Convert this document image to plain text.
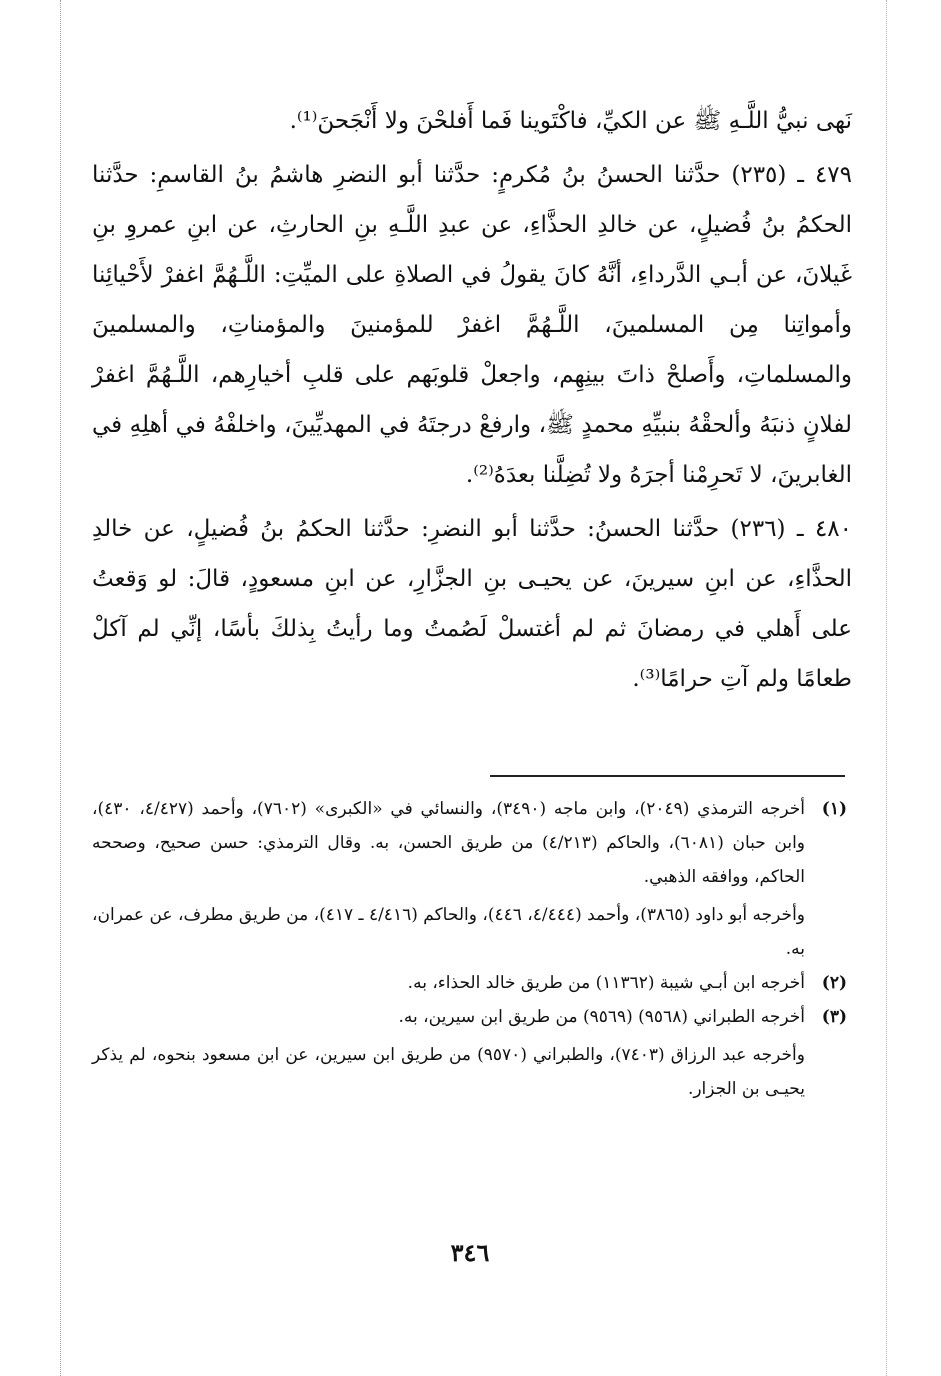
نَهى نبيُّ اللَّـهِ ﷺ عن الكيِّ، فاكْتَوينا فَما أَفلحْنَ ولا أَنْجَحنَ⁽¹⁾.

٤٧٩ ـ (٢٣٥) حدَّثنا الحسنُ بنُ مُكرمٍ: حدَّثنا أبو النضرِ هاشمُ بنُ القاسمِ: حدَّثنا الحكمُ بنُ فُضيلٍ، عن خالدِ الحذَّاءِ، عن عبدِ اللَّـهِ بنِ الحارثِ، عن ابنِ عمروِ بنِ غَيلانَ، عن أبـي الدَّرداءِ، أنَّهُ كانَ يقولُ في الصلاةِ على الميِّتِ: اللَّـهُمَّ اغفرْ لأَحْيائِنا وأمواتِنا مِن المسلمينَ، اللَّـهُمَّ اغفرْ للمؤمنينَ والمؤمناتِ، والمسلمينَ والمسلماتِ، وأَصلحْ ذاتَ بينِهِم، واجعلْ قلوبَهم على قلبِ أخيارِهم، اللَّـهُمَّ اغفرْ لفلانٍ ذنبَهُ وألحقْهُ بنبيِّهِ محمدٍ ﷺ، وارفعْ درجتَهُ في المهديِّينَ، واخلفْهُ في أهلِهِ في الغابرينَ، لا تَحرِمْنا أجرَهُ ولا تُضِلَّنا بعدَهُ⁽²⁾.

٤٨٠ ـ (٢٣٦) حدَّثنا الحسنُ: حدَّثنا أبو النضرِ: حدَّثنا الحكمُ بنُ فُضيلٍ، عن خالدِ الحذَّاءِ، عن ابنِ سيرينَ، عن يحيـى بنِ الجزَّارِ، عن ابنِ مسعودٍ، قالَ: لو وَقعتُ على أَهلي في رمضانَ ثم لم أغتسلْ لَصُمتُ وما رأيتُ بِذلكَ بأسًا، إنِّي لم آكلْ طعامًا ولم آتِ حرامًا⁽³⁾.

(١)
أخرجه الترمذي (٢٠٤٩)، وابن ماجه (٣٤٩٠)، والنسائي في «الكبرى» (٧٦٠٢)، وأحمد (٤/٤٢٧، ٤٣٠)، وابن حبان (٦٠٨١)، والحاكم (٤/٢١٣) من طريق الحسن، به. وقال الترمذي: حسن صحيح، وصححه الحاكم، ووافقه الذهبي.
وأخرجه أبو داود (٣٨٦٥)، وأحمد (٤/٤٤٤، ٤٤٦)، والحاكم (٤/٤١٦ ـ ٤١٧)، من طريق مطرف، عن عمران، به.
(٢)
أخرجه ابن أبـي شيبة (١١٣٦٢) من طريق خالد الحذاء، به.
(٣)
أخرجه الطبراني (٩٥٦٨) (٩٥٦٩) من طريق ابن سيرين، به.
وأخرجه عبد الرزاق (٧٤٠٣)، والطبراني (٩٥٧٠) من طريق ابن سيرين، عن ابن مسعود بنحوه، لم يذكر يحيـى بن الجزار.
٣٤٦
